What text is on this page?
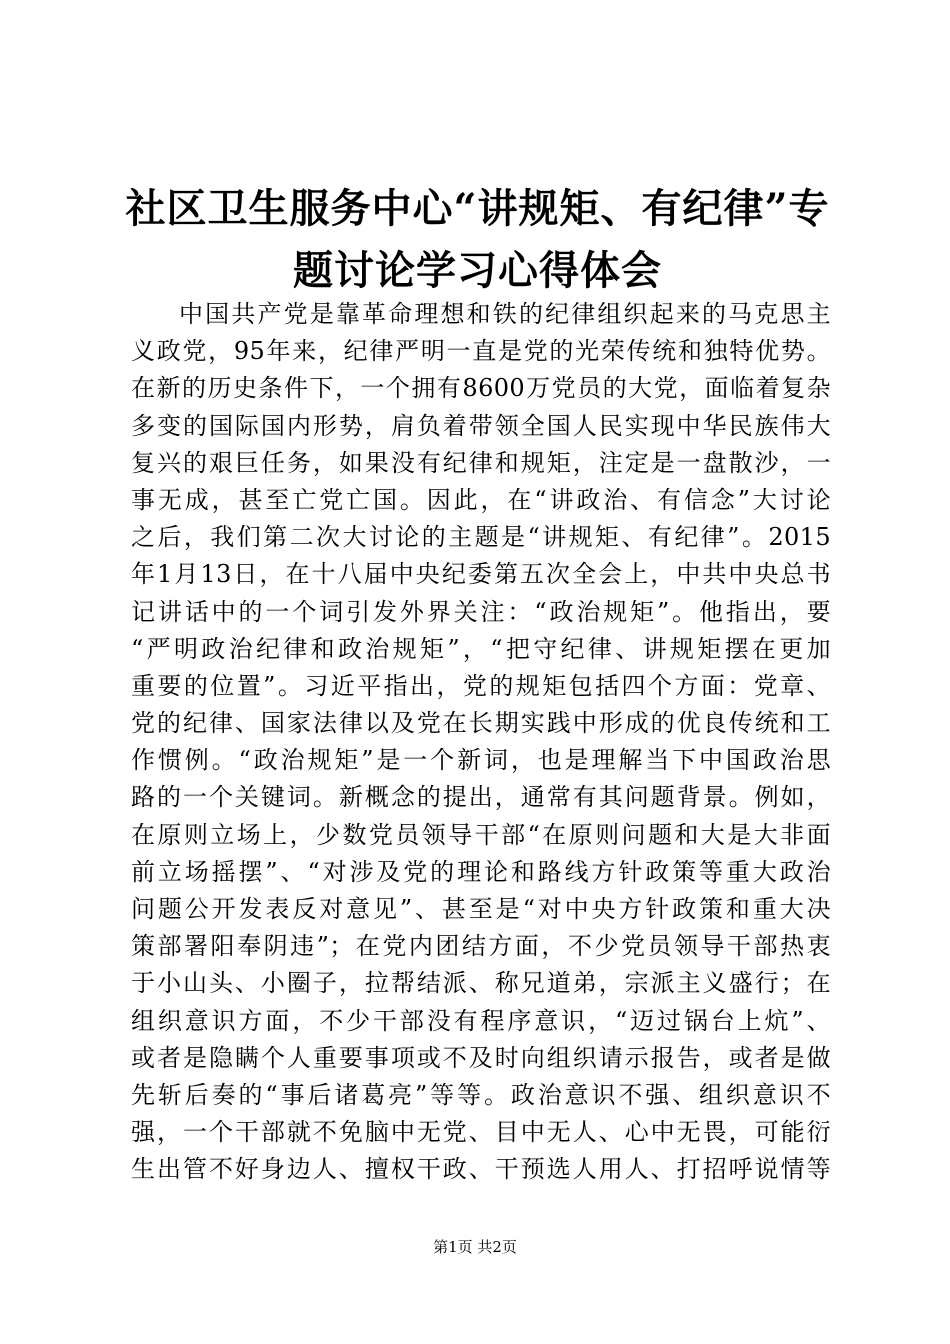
社区卫生服务中心“讲规矩、有纪律”专题讨论学习心得体会
中国共产党是靠革命理想和铁的纪律组织起来的马克思主
义政党，95年来，纪律严明一直是党的光荣传统和独特优势。
在新的历史条件下，一个拥有8600万党员的大党，面临着复杂
多变的国际国内形势，肩负着带领全国人民实现中华民族伟大
复兴的艰巨任务，如果没有纪律和规矩，注定是一盘散沙，一
事无成，甚至亡党亡国。因此，在“讲政治、有信念”大讨论
之后，我们第二次大讨论的主题是“讲规矩、有纪律”。2015
年1月13日，在十八届中央纪委第五次全会上，中共中央总书
记讲话中的一个词引发外界关注：“政治规矩”。他指出，要
“严明政治纪律和政治规矩”，“把守纪律、讲规矩摆在更加
重要的位置”。习近平指出，党的规矩包括四个方面：党章、
党的纪律、国家法律以及党在长期实践中形成的优良传统和工
作惯例。“政治规矩”是一个新词，也是理解当下中国政治思
路的一个关键词。新概念的提出，通常有其问题背景。例如，
在原则立场上，少数党员领导干部“在原则问题和大是大非面
前立场摇摆”、“对涉及党的理论和路线方针政策等重大政治
问题公开发表反对意见”、甚至是“对中央方针政策和重大决
策部署阳奉阴违”；在党内团结方面，不少党员领导干部热衷
于小山头、小圈子，拉帮结派、称兄道弟，宗派主义盛行；在
组织意识方面，不少干部没有程序意识，“迈过锅台上炕”、
或者是隐瞒个人重要事项或不及时向组织请示报告，或者是做
先斩后奏的“事后诸葛亮”等等。政治意识不强、组织意识不
强，一个干部就不免脑中无党、目中无人、心中无畏，可能衍
生出管不好身边人、擅权干政、干预选人用人、打招呼说情等
第1页 共2页
